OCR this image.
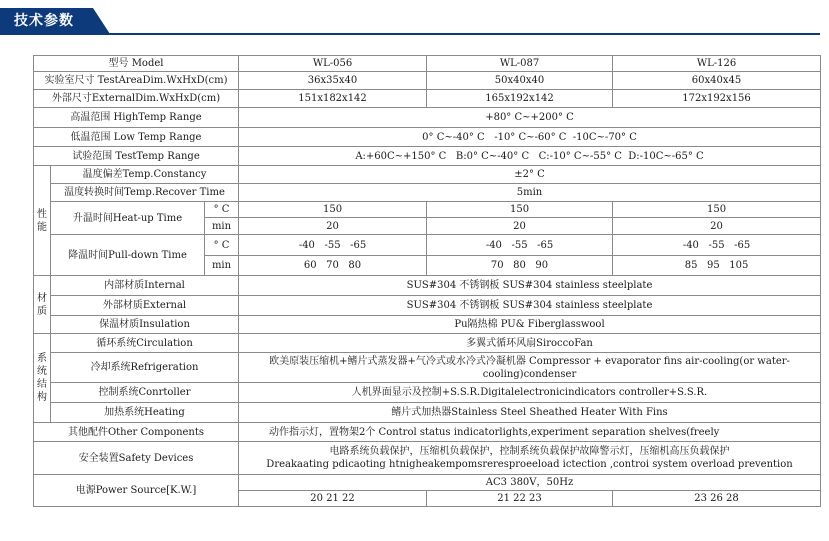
技术参数
型号 Model			WL-056	WL-087	WL-126
实验室尺寸 TestAreaDim.WxHxD(cm)			36x35x40	50x40x40	60x40x45
外部尺寸ExternalDim.WxHxD(cm)			151x182x142	165x192x142	172x192x156
高温范围 HighTemp Range			+80° C~+200° C		
低温范围 Low Temp Range			0° C~-40° C   -10° C~-60° C  -10C~-70° C		
试验范围 TestTemp Range			A:+60C~+150° C   B:0° C~-40° C   C:-10° C~-55° C  D:-10C~-65° C		

性
能	温度偏差Temp.Constancy		±2° C		
	温度转换时间Temp.Recover Time		5min		
	升温时间Heat-up Time	° C	150	150	150
		min	20	20	20
	降温时间Pull-down Time	° C	-40   -55   -65	-40   -55   -65	-40   -55   -65
		min	60   70   80	70   80   90	85   95   105

材
质	内部材质Internal		SUS#304 不锈钢板 SUS#304 stainless steelplate		
	外部材质External		SUS#304 不锈钢板 SUS#304 stainless steelplate		
	保温材质Insulation		Pu隔热棉 PU& Fiberglasswool		

系
统
结
构	循环系统Circulation		多翼式循环风扇SiroccoFan		
	冷却系统Refrigeration		欧美原装压缩机+鳍片式蒸发器+气冷式或水冷式冷凝机器 Compressor + evaporator fins air-cooling(or water-cooling)condenser		
	控制系统Conrtoller		人机界面显示及控制+S.S.R.Digitalelectronicindicators controller+S.S.R.		
	加热系统Heating		鳍片式加热器Stainless Steel Sheathed Heater With Fins		
其他配件Other Components			动作指示灯，置物架2个 Control status indicatorlights,experiment separation shelves(freely		
安全装置Safety Devices			电路系统负载保护，压缩机负载保护，控制系统负载保护故障警示灯，压缩机高压负载保护
Dreakaating pdicaoting htnigheakempomsreresproeeload ictection ,controi system overload prevention		

电源Power Source[K.W.]			AC3 380V，50Hz		
			20 21 22	21 22 23	23 26 28
